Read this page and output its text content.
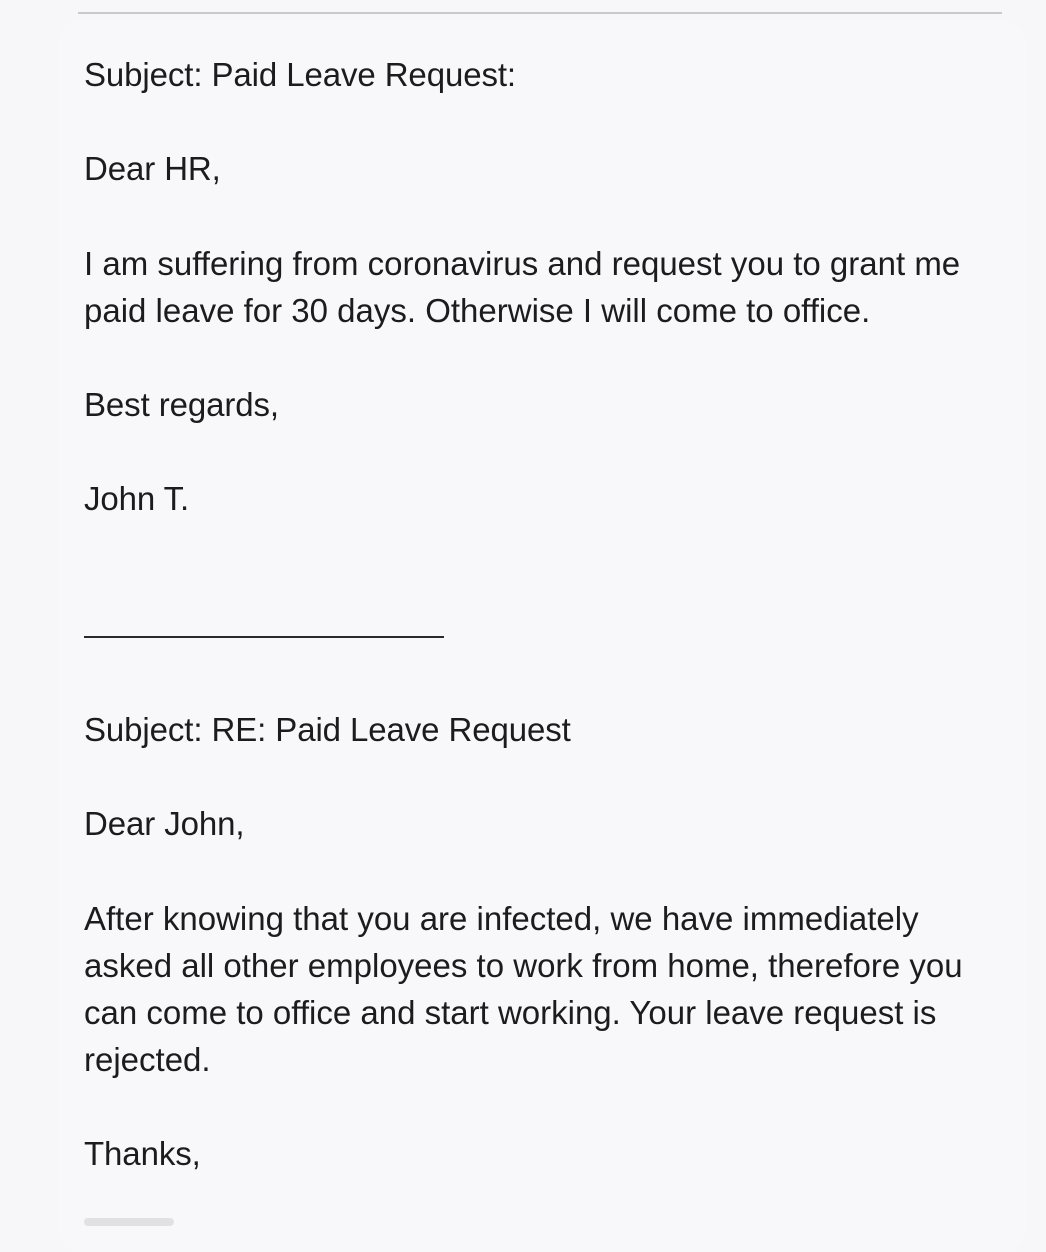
Subject: Paid Leave Request:

Dear HR,

I am suffering from coronavirus and request you to grant me paid leave for 30 days. Otherwise I will come to office.

Best regards,

John T.

Subject: RE: Paid Leave Request

Dear John,

After knowing that you are infected, we have immediately asked all other employees to work from home, therefore you can come to office and start working. Your leave request is rejected.

Thanks,
